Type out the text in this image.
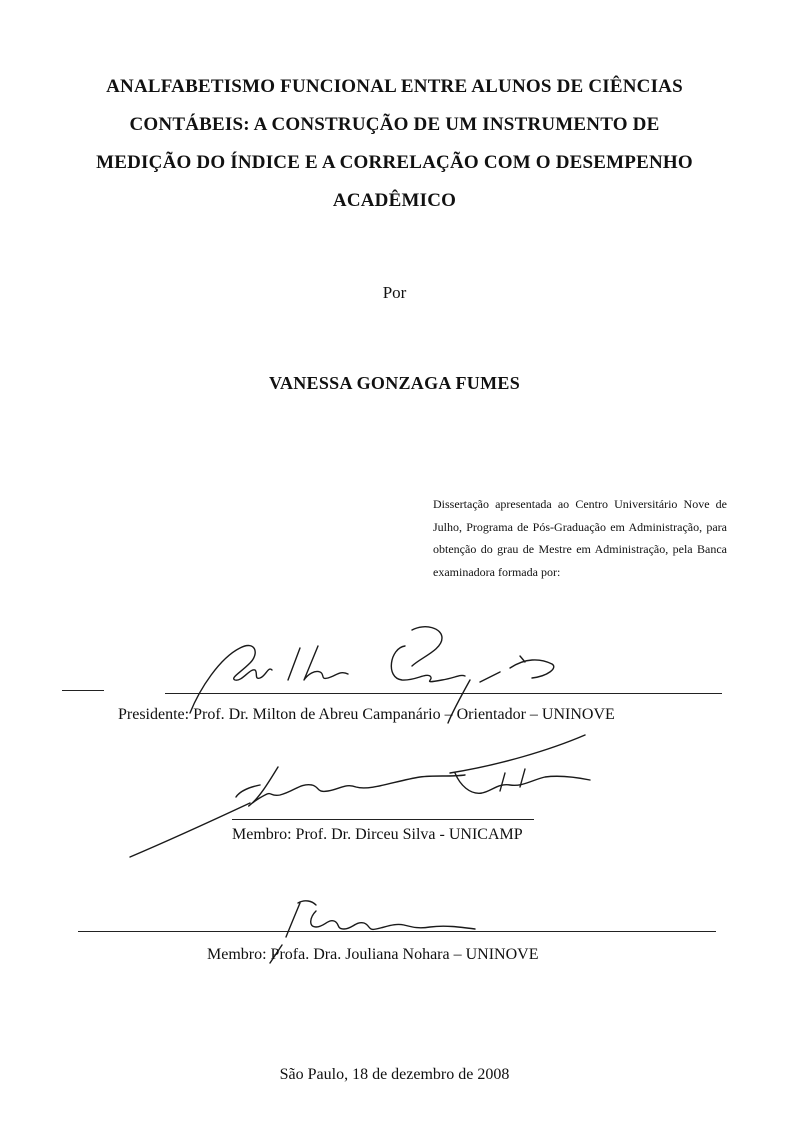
ANALFABETISMO FUNCIONAL ENTRE ALUNOS DE CIÊNCIAS
CONTÁBEIS: A CONSTRUÇÃO DE UM INSTRUMENTO DE
MEDIÇÃO DO ÍNDICE E A CORRELAÇÃO COM O DESEMPENHO
ACADÊMICO
Por
VANESSA GONZAGA FUMES
Dissertação apresentada ao Centro Universitário Nove de Julho, Programa de Pós-Graduação em Administração, para obtenção do grau de Mestre em Administração, pela Banca examinadora formada por:
Presidente: Prof. Dr. Milton de Abreu Campanário – Orientador – UNINOVE
Membro: Prof. Dr. Dirceu Silva - UNICAMP
Membro: Profa. Dra. Jouliana Nohara – UNINOVE
São Paulo, 18 de dezembro de 2008
